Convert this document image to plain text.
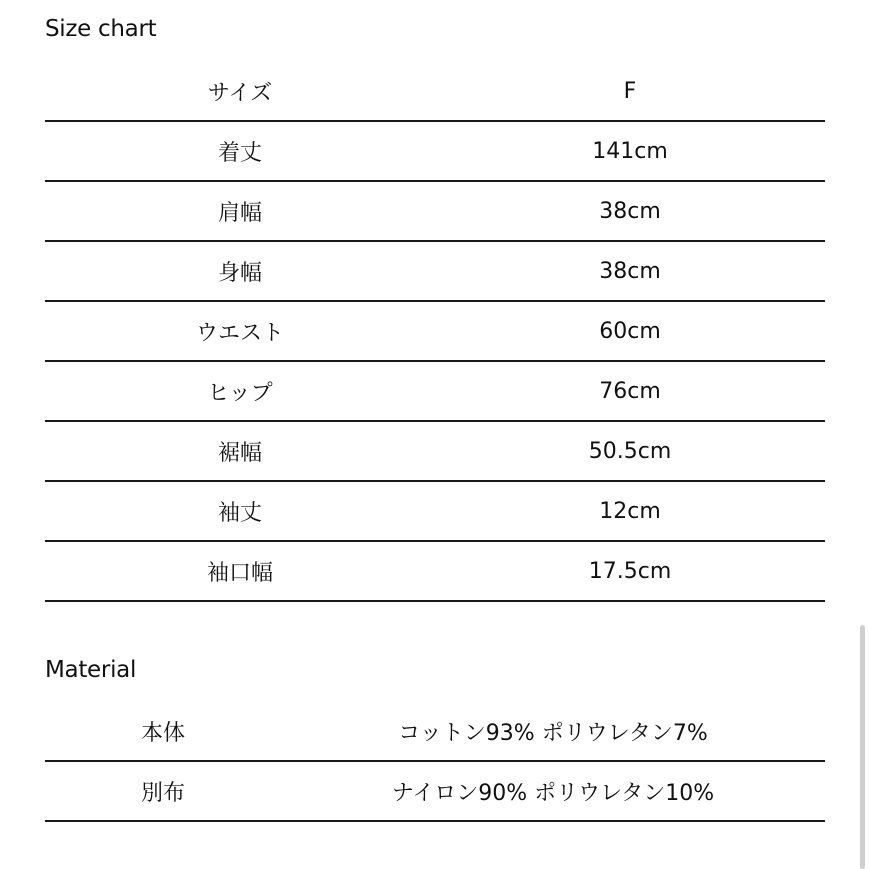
Size chart
サイズ	F
着丈	141cm
肩幅	38cm
身幅	38cm
ウエスト	60cm
ヒップ	76cm
裾幅	50.5cm
袖丈	12cm
袖口幅	17.5cm
Material
本体	コットン93% ポリウレタン7%
別布	ナイロン90% ポリウレタン10%
